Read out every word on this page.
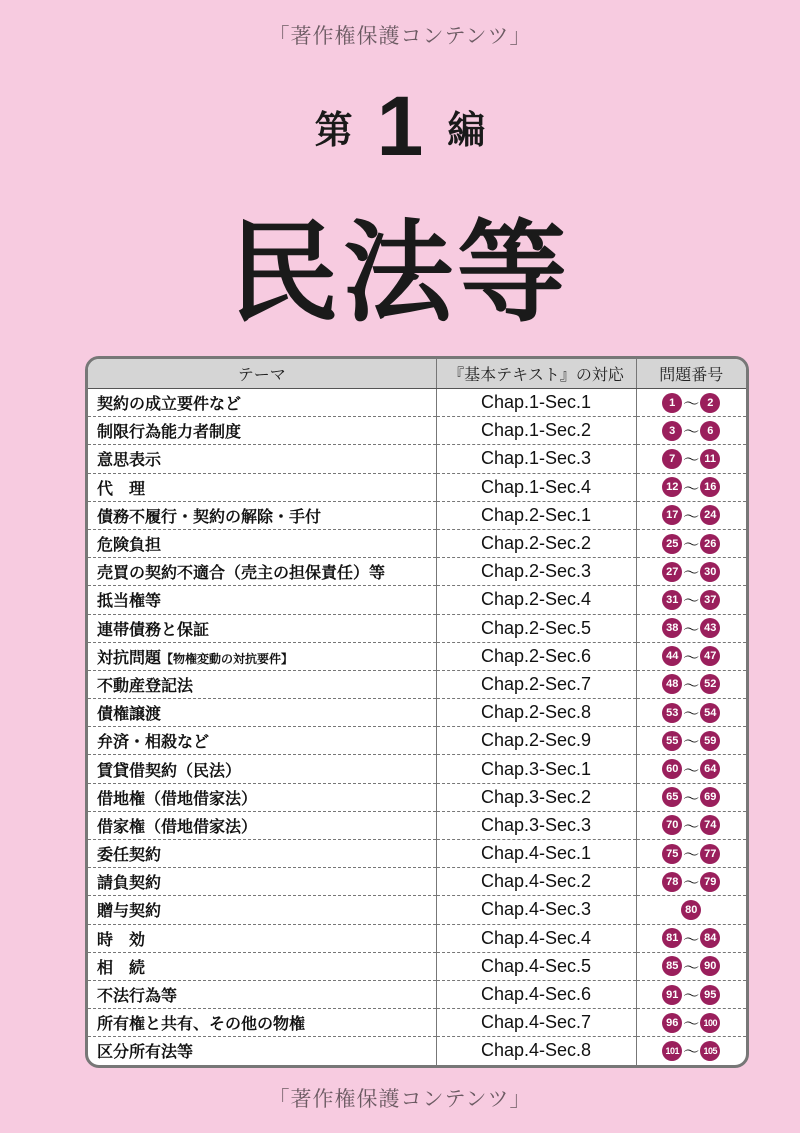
「著作権保護コンテンツ」
第 1 編
民法等
テーマ	『基本テキスト』の対応	問題番号
契約の成立要件など	Chap.1-Sec.1	1 〜 2
制限行為能力者制度	Chap.1-Sec.2	3 〜 6
意思表示	Chap.1-Sec.3	7 〜 11
代　理	Chap.1-Sec.4	12 〜 16
債務不履行・契約の解除・手付	Chap.2-Sec.1	17 〜 24
危険負担	Chap.2-Sec.2	25 〜 26
売買の契約不適合（売主の担保責任）等	Chap.2-Sec.3	27 〜 30
抵当権等	Chap.2-Sec.4	31 〜 37
連帯債務と保証	Chap.2-Sec.5	38 〜 43
対抗問題【物権変動の対抗要件】	Chap.2-Sec.6	44 〜 47
不動産登記法	Chap.2-Sec.7	48 〜 52
債権譲渡	Chap.2-Sec.8	53 〜 54
弁済・相殺など	Chap.2-Sec.9	55 〜 59
賃貸借契約（民法）	Chap.3-Sec.1	60 〜 64
借地権（借地借家法）	Chap.3-Sec.2	65 〜 69
借家権（借地借家法）	Chap.3-Sec.3	70 〜 74
委任契約	Chap.4-Sec.1	75 〜 77
請負契約	Chap.4-Sec.2	78 〜 79
贈与契約	Chap.4-Sec.3	80
時　効	Chap.4-Sec.4	81 〜 84
相　続	Chap.4-Sec.5	85 〜 90
不法行為等	Chap.4-Sec.6	91 〜 95
所有権と共有、その他の物権	Chap.4-Sec.7	96 〜 100
区分所有法等	Chap.4-Sec.8	101 〜 105
「著作権保護コンテンツ」
